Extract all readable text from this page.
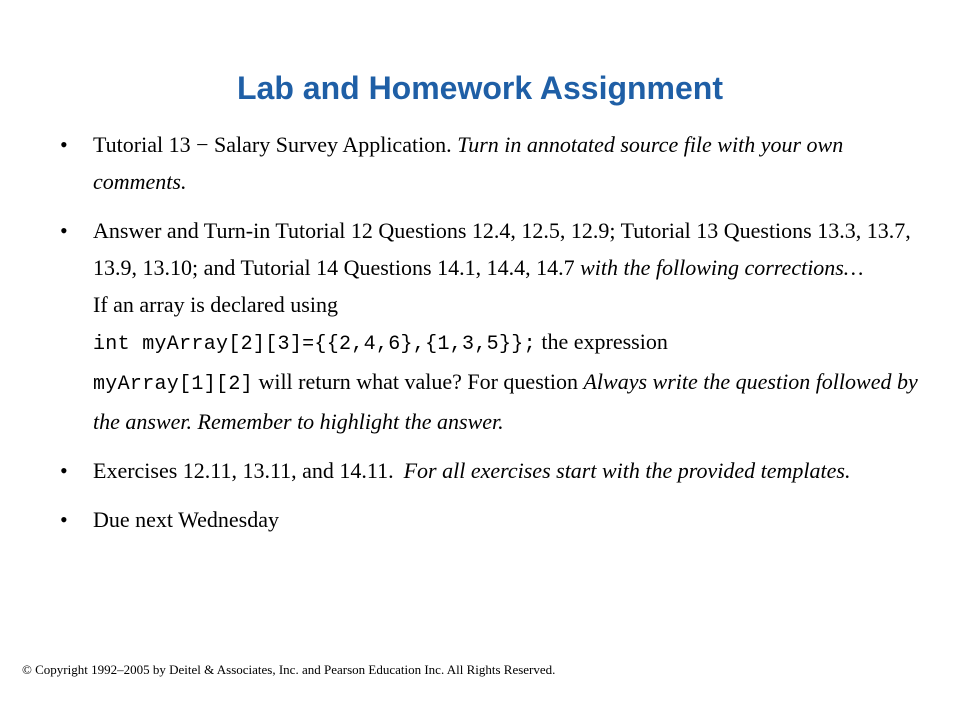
Lab and Homework Assignment
• Tutorial 13 − Salary Survey Application. Turn in annotated source file with your own comments.
• Answer and Turn-in Tutorial 12 Questions 12.4, 12.5, 12.9; Tutorial 13 Questions 13.3, 13.7, 13.9, 13.10; and Tutorial 14 Questions 14.1, 14.4, 14.7 with the following corrections…
If an array is declared using
int myArray[2][3]={{2,4,6},{1,3,5}}; the expression
myArray[1][2] will return what value? For question Always write the question followed by the answer. Remember to highlight the answer.
• Exercises 12.11, 13.11, and 14.11. For all exercises start with the provided templates.
• Due next Wednesday
© Copyright 1992–2005 by Deitel & Associates, Inc. and Pearson Education Inc. All Rights Reserved.
